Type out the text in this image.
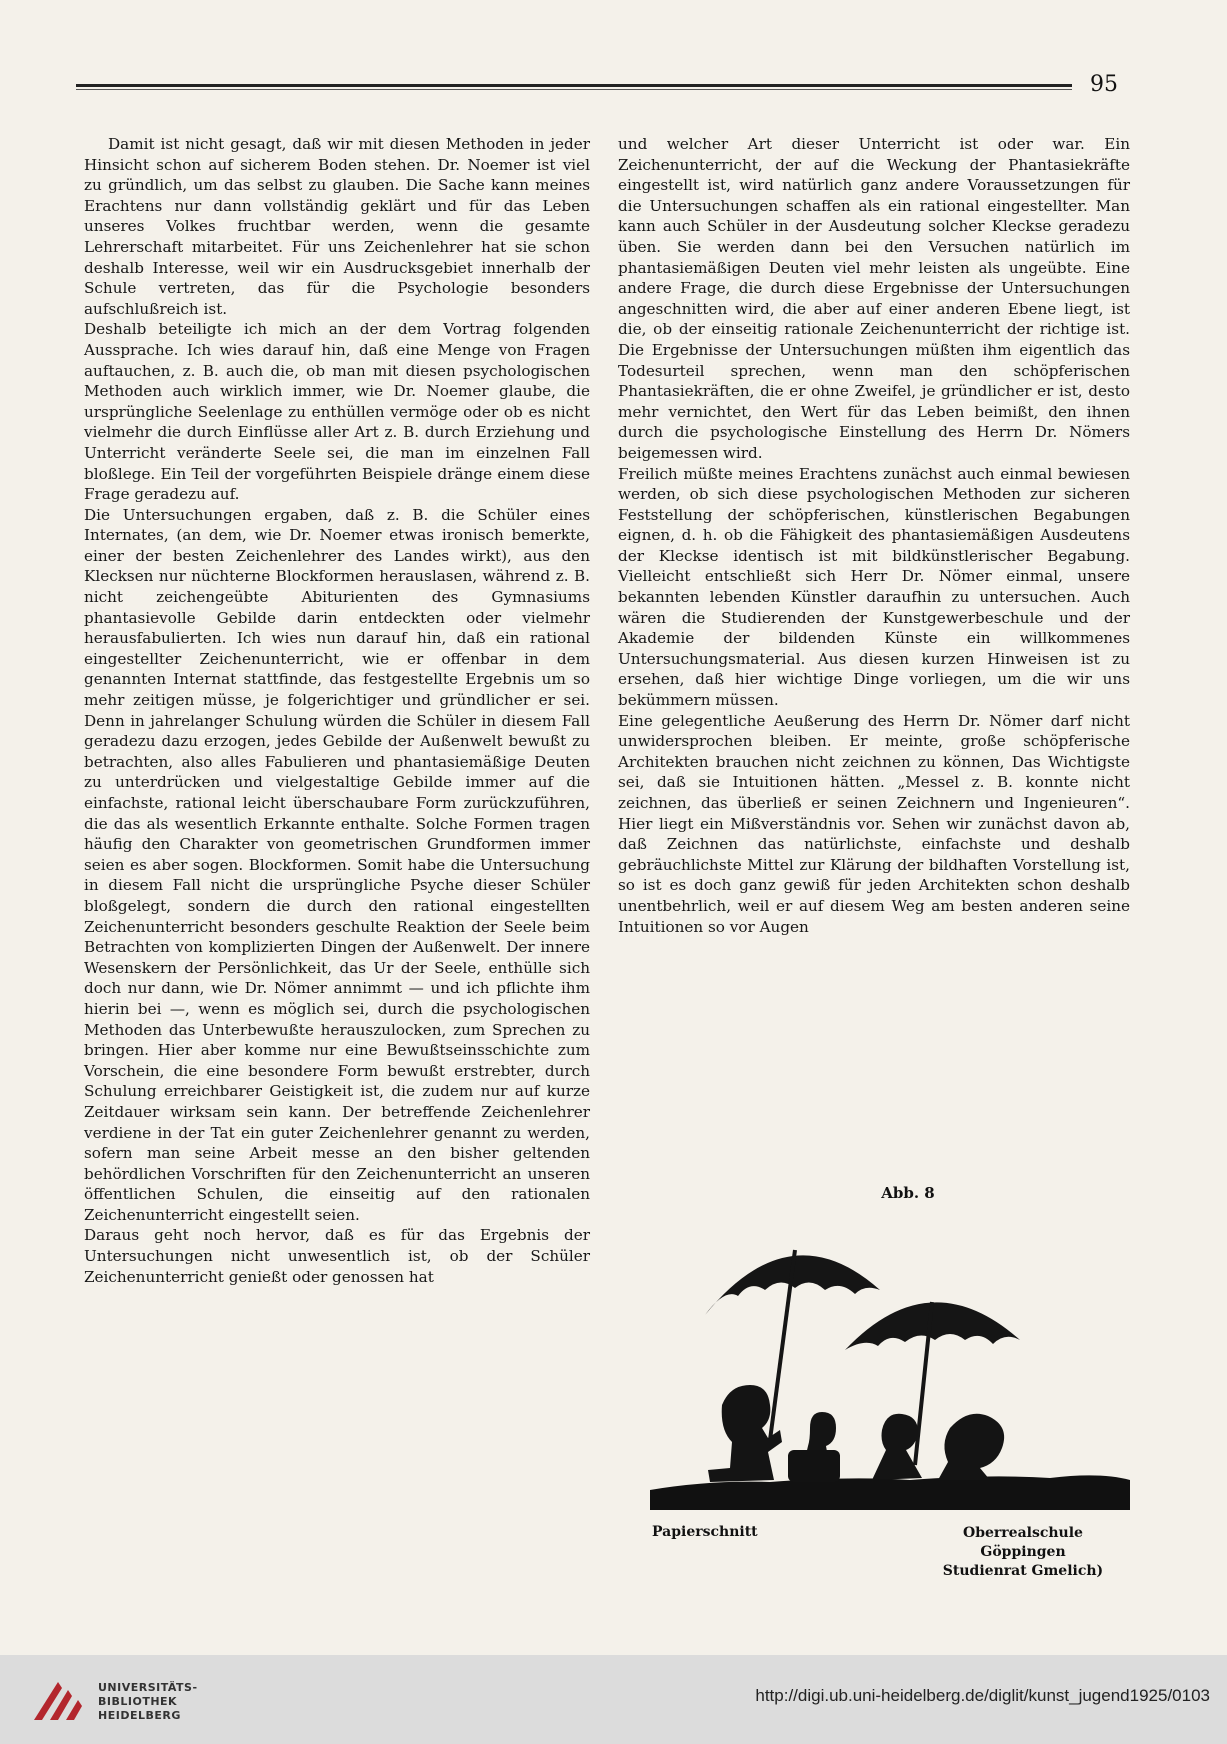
95

Damit ist nicht gesagt, daß wir mit diesen Methoden in jeder Hinsicht schon auf sicherem Boden stehen. Dr. Noemer ist viel zu gründlich, um das selbst zu glauben. Die Sache kann meines Erachtens nur dann vollständig geklärt und für das Leben unseres Volkes fruchtbar werden, wenn die gesamte Lehrerschaft mitarbeitet. Für uns Zeichenlehrer hat sie schon deshalb Interesse, weil wir ein Ausdrucksgebiet innerhalb der Schule vertreten, das für die Psychologie besonders aufschlußreich ist.

Deshalb beteiligte ich mich an der dem Vortrag folgenden Aussprache. Ich wies darauf hin, daß eine Menge von Fragen auftauchen, z. B. auch die, ob man mit diesen psychologischen Methoden auch wirklich immer, wie Dr. Noemer glaube, die ursprüngliche Seelenlage zu enthüllen vermöge oder ob es nicht vielmehr die durch Einflüsse aller Art z. B. durch Erziehung und Unterricht veränderte Seele sei, die man im einzelnen Fall bloßlege. Ein Teil der vorgeführten Beispiele dränge einem diese Frage geradezu auf.

Die Untersuchungen ergaben, daß z. B. die Schüler eines Internates, (an dem, wie Dr. Noemer etwas ironisch bemerkte, einer der besten Zeichenlehrer des Landes wirkt), aus den Klecksen nur nüchterne Blockformen herauslasen, während z. B. nicht zeichengeübte Abiturienten des Gymnasiums phantasievolle Gebilde darin entdeckten oder vielmehr herausfabulierten. Ich wies nun darauf hin, daß ein rational eingestellter Zeichenunterricht, wie er offenbar in dem genannten Internat stattfinde, das festgestellte Ergebnis um so mehr zeitigen müsse, je folgerichtiger und gründlicher er sei. Denn in jahrelanger Schulung würden die Schüler in diesem Fall geradezu dazu erzogen, jedes Gebilde der Außenwelt bewußt zu betrachten, also alles Fabulieren und phantasiemäßige Deuten zu unterdrücken und vielgestaltige Gebilde immer auf die einfachste, rational leicht überschaubare Form zurückzuführen, die das als wesentlich Erkannte enthalte. Solche Formen tragen häufig den Charakter von geometrischen Grundformen immer seien es aber sogen. Blockformen. Somit habe die Untersuchung in diesem Fall nicht die ursprüngliche Psyche dieser Schüler bloßgelegt, sondern die durch den rational eingestellten Zeichenunterricht besonders geschulte Reaktion der Seele beim Betrachten von komplizierten Dingen der Außenwelt. Der innere Wesenskern der Persönlichkeit, das Ur der Seele, enthülle sich doch nur dann, wie Dr. Nömer annimmt — und ich pflichte ihm hierin bei —, wenn es möglich sei, durch die psychologischen Methoden das Unterbewußte herauszulocken, zum Sprechen zu bringen. Hier aber komme nur eine Bewußtseinsschichte zum Vorschein, die eine besondere Form bewußt erstrebter, durch Schulung erreichbarer Geistigkeit ist, die zudem nur auf kurze Zeitdauer wirksam sein kann. Der betreffende Zeichenlehrer verdiene in der Tat ein guter Zeichenlehrer genannt zu werden, sofern man seine Arbeit messe an den bisher geltenden behördlichen Vorschriften für den Zeichenunterricht an unseren öffentlichen Schulen, die einseitig auf den rationalen Zeichenunterricht eingestellt seien.

Daraus geht noch hervor, daß es für das Ergebnis der Untersuchungen nicht unwesentlich ist, ob der Schüler Zeichenunterricht genießt oder genossen hat

und welcher Art dieser Unterricht ist oder war. Ein Zeichenunterricht, der auf die Weckung der Phantasiekräfte eingestellt ist, wird natürlich ganz andere Voraussetzungen für die Untersuchungen schaffen als ein rational eingestellter. Man kann auch Schüler in der Ausdeutung solcher Kleckse geradezu üben. Sie werden dann bei den Versuchen natürlich im phantasiemäßigen Deuten viel mehr leisten als ungeübte. Eine andere Frage, die durch diese Ergebnisse der Untersuchungen angeschnitten wird, die aber auf einer anderen Ebene liegt, ist die, ob der einseitig rationale Zeichenunterricht der richtige ist. Die Ergebnisse der Untersuchungen müßten ihm eigentlich das Todesurteil sprechen, wenn man den schöpferischen Phantasiekräften, die er ohne Zweifel, je gründlicher er ist, desto mehr vernichtet, den Wert für das Leben beimißt, den ihnen durch die psychologische Einstellung des Herrn Dr. Nömers beigemessen wird.

Freilich müßte meines Erachtens zunächst auch einmal bewiesen werden, ob sich diese psychologischen Methoden zur sicheren Feststellung der schöpferischen, künstlerischen Begabungen eignen, d. h. ob die Fähigkeit des phantasiemäßigen Ausdeutens der Kleckse identisch ist mit bildkünstlerischer Begabung. Vielleicht entschließt sich Herr Dr. Nömer einmal, unsere bekannten lebenden Künstler daraufhin zu untersuchen. Auch wären die Studierenden der Kunstgewerbeschule und der Akademie der bildenden Künste ein willkommenes Untersuchungsmaterial. Aus diesen kurzen Hinweisen ist zu ersehen, daß hier wichtige Dinge vorliegen, um die wir uns bekümmern müssen.

Eine gelegentliche Aeußerung des Herrn Dr. Nömer darf nicht unwidersprochen bleiben. Er meinte, große schöpferische Architekten brauchen nicht zeichnen zu können, Das Wichtigste sei, daß sie Intuitionen hätten. „Messel z. B. konnte nicht zeichnen, das überließ er seinen Zeichnern und Ingenieuren“. Hier liegt ein Mißverständnis vor. Sehen wir zunächst davon ab, daß Zeichnen das natürlichste, einfachste und deshalb gebräuchlichste Mittel zur Klärung der bildhaften Vorstellung ist, so ist es doch ganz gewiß für jeden Architekten schon deshalb unentbehrlich, weil er auf diesem Weg am besten anderen seine Intuitionen so vor Augen

Abb. 8
Papierschnitt	Oberrealschule Göppingen
Studienrat Gmelich)
UNIVERSITÄTS-
BIBLIOTHEK
HEIDELBERG
http://digi.ub.uni-heidelberg.de/diglit/kunst_jugend1925/0103
